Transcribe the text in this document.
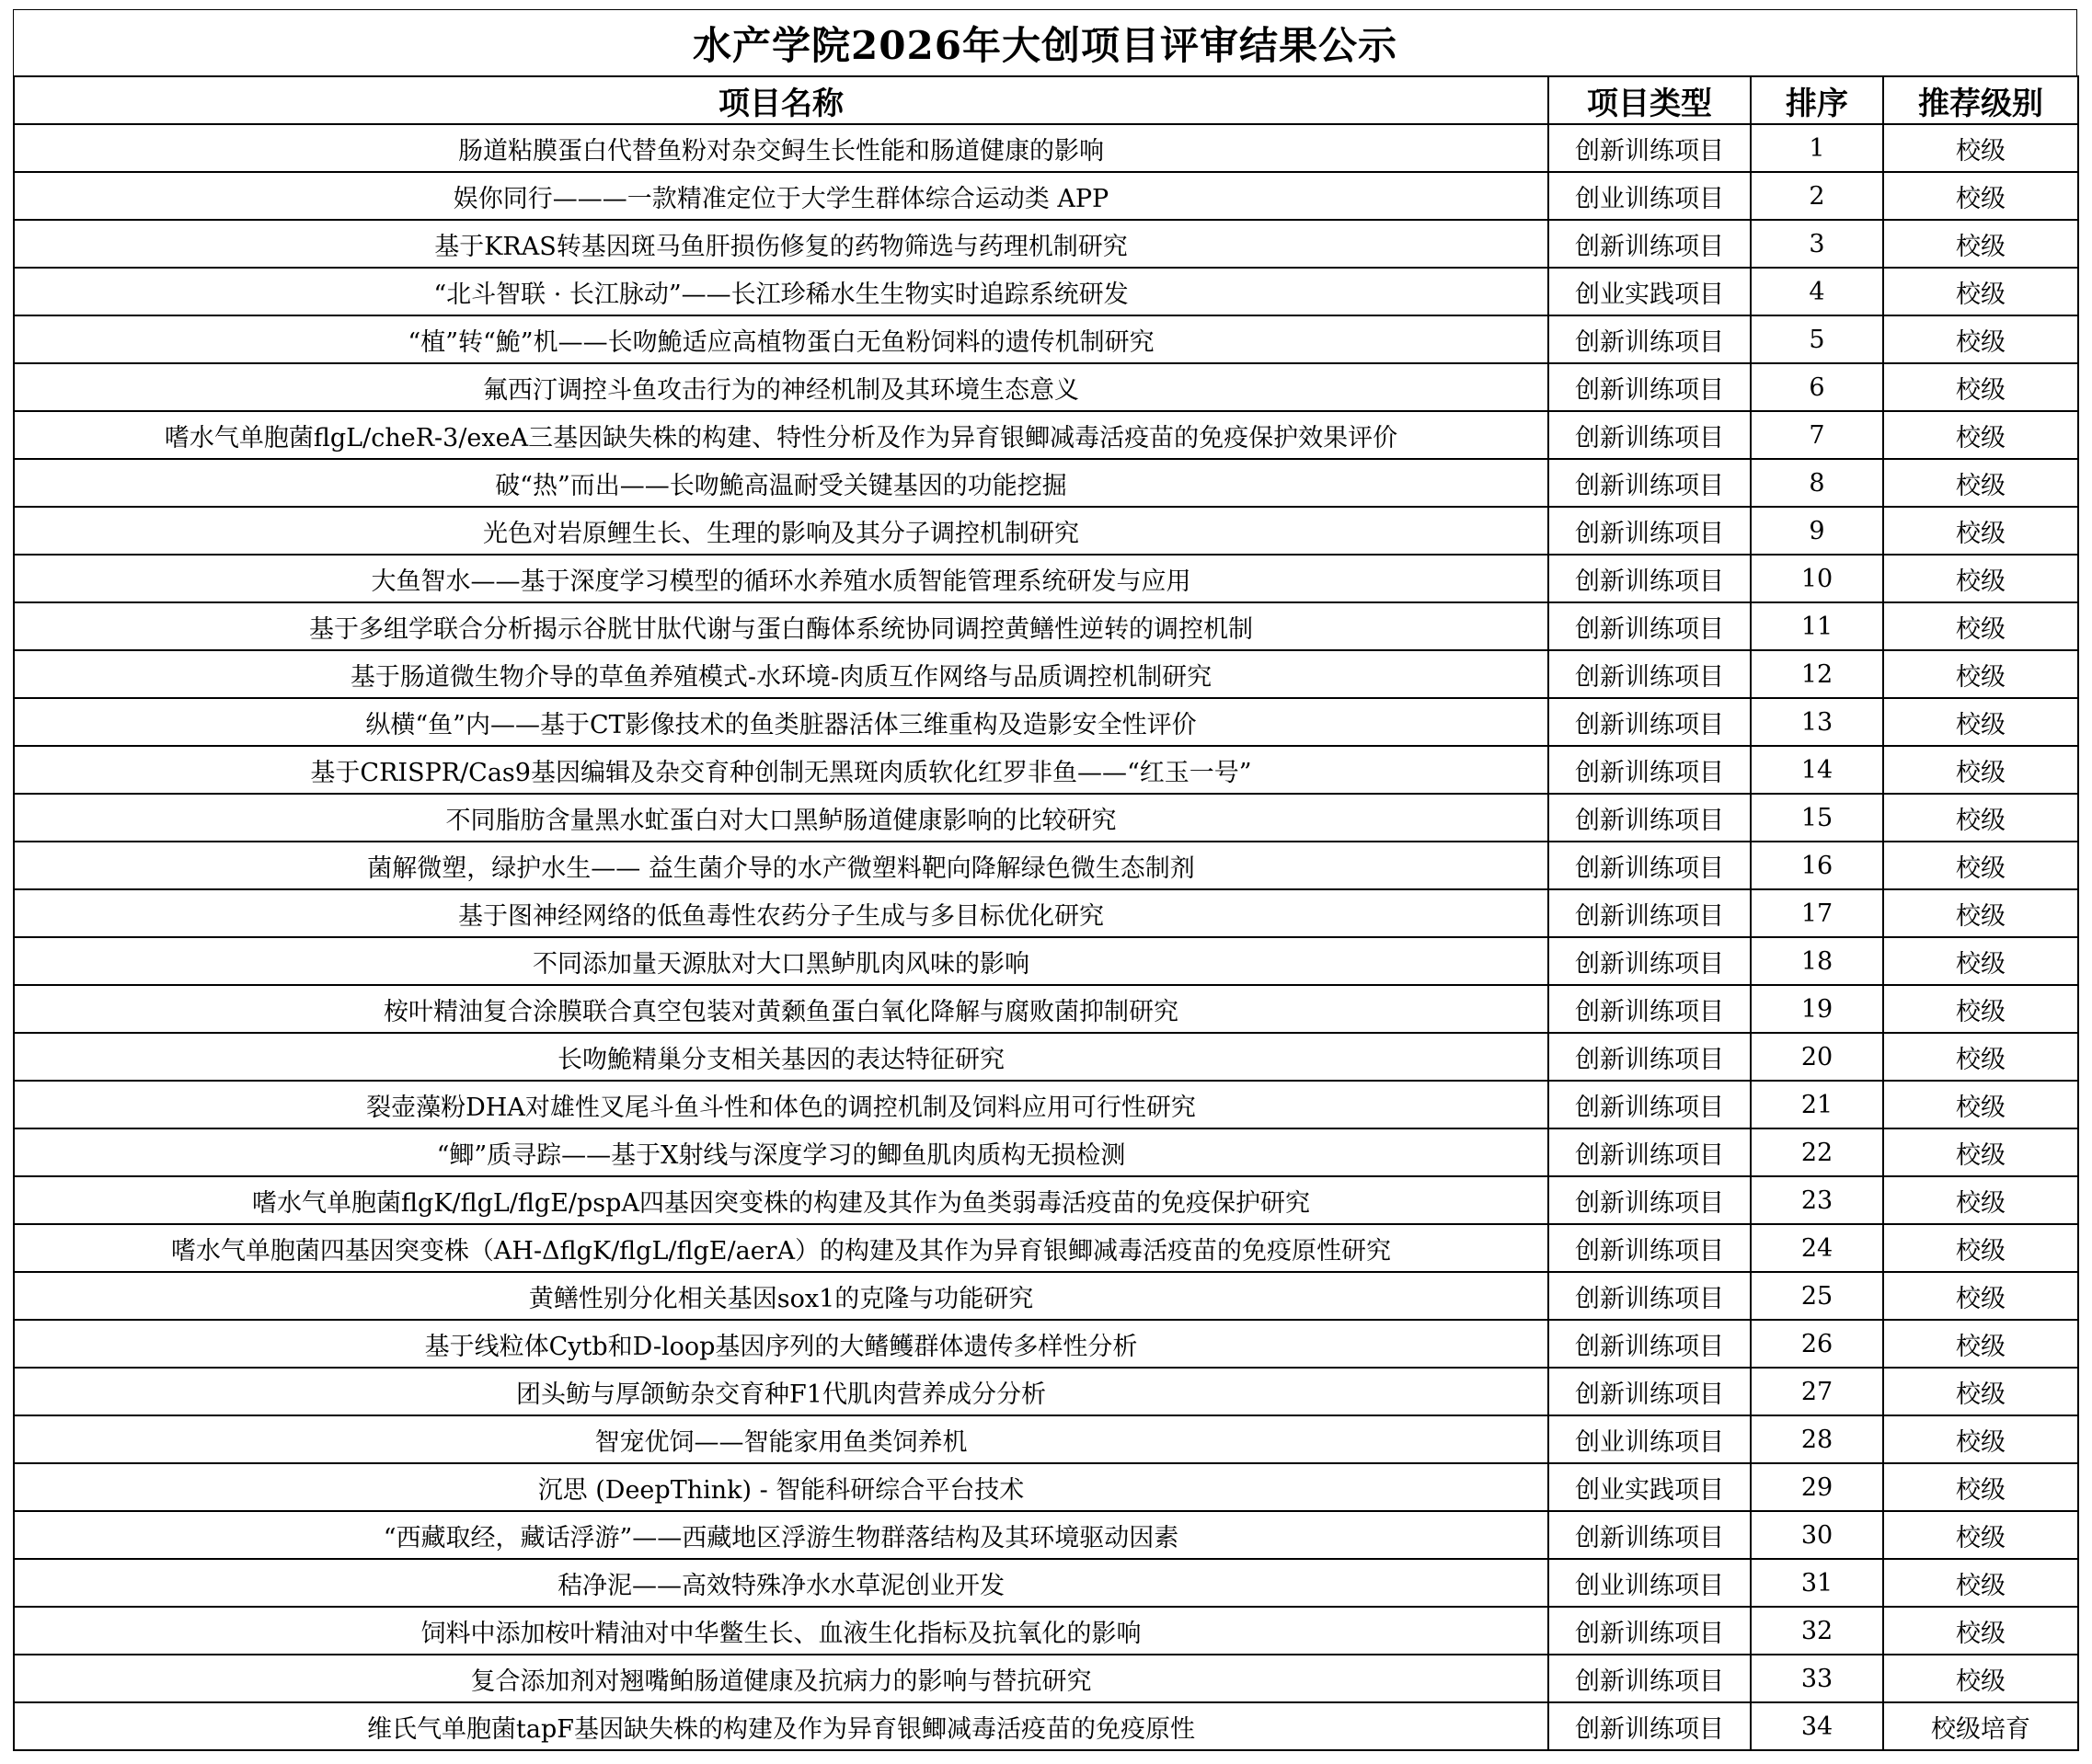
水产学院2026年大创项目评审结果公示
项目名称	项目类型	排序	推荐级别
肠道粘膜蛋白代替鱼粉对杂交鲟生长性能和肠道健康的影响	创新训练项目	1	校级
娱你同行———一款精准定位于大学生群体综合运动类 APP	创业训练项目	2	校级
基于KRAS转基因斑马鱼肝损伤修复的药物筛选与药理机制研究	创新训练项目	3	校级
“北斗智联 · 长江脉动”——长江珍稀水生生物实时追踪系统研发	创业实践项目	4	校级
“植”转“鮠”机——长吻鮠适应高植物蛋白无鱼粉饲料的遗传机制研究	创新训练项目	5	校级
氟西汀调控斗鱼攻击行为的神经机制及其环境生态意义	创新训练项目	6	校级
嗜水气单胞菌flgL/cheR-3/exeA三基因缺失株的构建、特性分析及作为异育银鲫减毒活疫苗的免疫保护效果评价	创新训练项目	7	校级
破“热”而出——长吻鮠高温耐受关键基因的功能挖掘	创新训练项目	8	校级
光色对岩原鲤生长、生理的影响及其分子调控机制研究	创新训练项目	9	校级
大鱼智水——基于深度学习模型的循环水养殖水质智能管理系统研发与应用	创新训练项目	10	校级
基于多组学联合分析揭示谷胱甘肽代谢与蛋白酶体系统协同调控黄鳝性逆转的调控机制	创新训练项目	11	校级
基于肠道微生物介导的草鱼养殖模式-水环境-肉质互作网络与品质调控机制研究	创新训练项目	12	校级
纵横“鱼”内——基于CT影像技术的鱼类脏器活体三维重构及造影安全性评价	创新训练项目	13	校级
基于CRISPR/Cas9基因编辑及杂交育种创制无黑斑肉质软化红罗非鱼——“红玉一号”	创新训练项目	14	校级
不同脂肪含量黑水虻蛋白对大口黑鲈肠道健康影响的比较研究	创新训练项目	15	校级
菌解微塑，绿护水生—— 益生菌介导的水产微塑料靶向降解绿色微生态制剂	创新训练项目	16	校级
基于图神经网络的低鱼毒性农药分子生成与多目标优化研究	创新训练项目	17	校级
不同添加量天源肽对大口黑鲈肌肉风味的影响	创新训练项目	18	校级
桉叶精油复合涂膜联合真空包装对黄颡鱼蛋白氧化降解与腐败菌抑制研究	创新训练项目	19	校级
长吻鮠精巢分支相关基因的表达特征研究	创新训练项目	20	校级
裂壶藻粉DHA对雄性叉尾斗鱼斗性和体色的调控机制及饲料应用可行性研究	创新训练项目	21	校级
“鲫”质寻踪——基于X射线与深度学习的鲫鱼肌肉质构无损检测	创新训练项目	22	校级
嗜水气单胞菌flgK/flgL/flgE/pspA四基因突变株的构建及其作为鱼类弱毒活疫苗的免疫保护研究	创新训练项目	23	校级
嗜水气单胞菌四基因突变株（AH-ΔflgK/flgL/flgE/aerA）的构建及其作为异育银鲫减毒活疫苗的免疫原性研究	创新训练项目	24	校级
黄鳝性别分化相关基因sox1的克隆与功能研究	创新训练项目	25	校级
基于线粒体Cytb和D-loop基因序列的大鳍鳠群体遗传多样性分析	创新训练项目	26	校级
团头鲂与厚颌鲂杂交育种F1代肌肉营养成分分析	创新训练项目	27	校级
智宠优饲——智能家用鱼类饲养机	创业训练项目	28	校级
沉思 (DeepThink) - 智能科研综合平台技术	创业实践项目	29	校级
“西藏取经，藏话浮游”——西藏地区浮游生物群落结构及其环境驱动因素	创新训练项目	30	校级
秸净泥——高效特殊净水水草泥创业开发	创业训练项目	31	校级
饲料中添加桉叶精油对中华鳖生长、血液生化指标及抗氧化的影响	创新训练项目	32	校级
复合添加剂对翘嘴鲌肠道健康及抗病力的影响与替抗研究	创新训练项目	33	校级
维氏气单胞菌tapF基因缺失株的构建及作为异育银鲫减毒活疫苗的免疫原性	创新训练项目	34	校级培育
